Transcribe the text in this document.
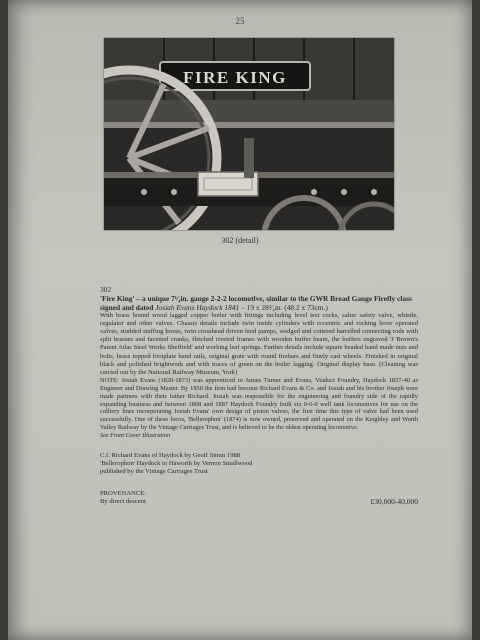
25
FIRE KING
302 (detail)
302
'Fire King' – a unique 7¹⁄₄in. gauge 2-2-2 locomotive, similar to the GWR Broad Gauge Firefly class signed and dated Josiah Evans Haydock 1841 – 19 x 28³⁄₄in. (48.2 x 73cm.)
With brass bound wood lagged copper boiler with fittings including level test cocks, salter safety valve, whistle, regulator and other valves. Chassis details include twin inside cylinders with eccentric and rocking lever operated valves, studded stuffing boxes, twin crosshead driven feed pumps, wedged and cottered barrelled connecting rods with split brasses and facetted cranks, fletched riveted frames with wooden buffer beam, the buffers engraved 'J Brown's Patent Atlas Steel Works Sheffield' and working leaf springs. Further details include square headed hand made nuts and bolts, brass topped footplate hand rails, original grate with round firebars and finely cast wheels. Finished in original black and polished brightwork and with traces of green on the boiler lagging. Original display base. (Cleaning was carried out by the National Railway Museum, York)
NOTE: Josiah Evans (1820-1873) was apprenticed to James Turner and Evans, Viaduct Foundry, Haydock 1837-40 as Engineer and Drawing Master. By 1850 the firm had become Richard Evans & Co. and Josiah and his brother Joseph were made partners with their father Richard. Josiah was responsible for the engineering and foundry side of the rapidly expanding business and between 1868 and 1887 Haydock Foundry built six 0-6-0 well tank locomotives for use on the colliery lines incorporating Josiah Evans' own design of piston valves, the first time this type of valve had been used successfully. One of these locos, 'Bellerophon' (1874) is now owned, preserved and operated on the Keighley and Worth Valley Railway by the Vintage Carriages Trust, and is believed to be the oldest operating locomotive.
See Front Cover Illustration
C.f. Richard Evans of Haydock by Geoff Simm 1988
'Bellerophon' Haydock to Haworth by Vernon Smallwood
published by the Vintage Carriages Trust
PROVENANCE:
By direct descent	£30,000-40,000
